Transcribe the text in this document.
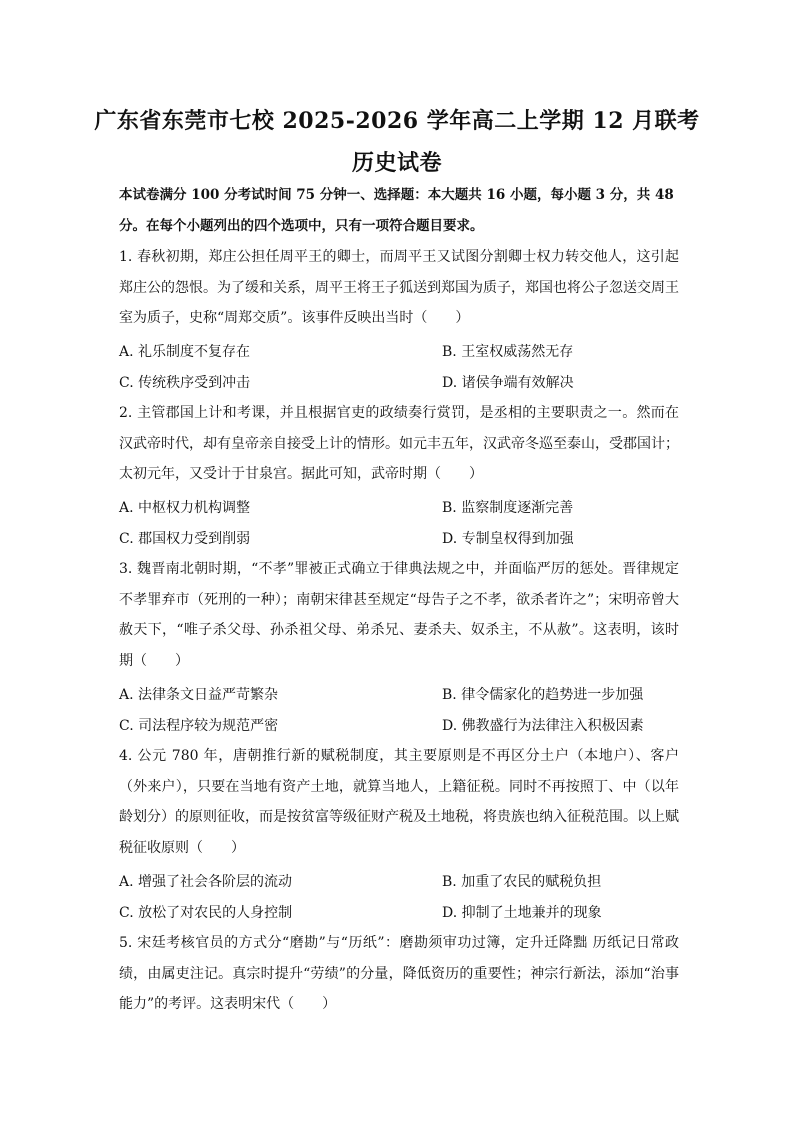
广东省东莞市七校 2025-2026 学年高二上学期 12 月联考
历史试卷
本试卷满分 100 分考试时间 75 分钟一、选择题：本大题共 16 小题，每小题 3 分，共 48 分。在每个小题列出的四个选项中，只有一项符合题目要求。
1. 春秋初期，郑庄公担任周平王的卿士，而周平王又试图分割卿士权力转交他人，这引起郑庄公的怨恨。为了缓和关系，周平王将王子狐送到郑国为质子，郑国也将公子忽送交周王室为质子，史称“周郑交质”。该事件反映出当时（　　）
A. 礼乐制度不复存在	B. 王室权威荡然无存
C. 传统秩序受到冲击	D. 诸侯争端有效解决
2. 主管郡国上计和考课，并且根据官吏的政绩奏行赏罚，是丞相的主要职责之一。然而在汉武帝时代，却有皇帝亲自接受上计的情形。如元丰五年，汉武帝冬巡至泰山，受郡国计；太初元年，又受计于甘泉宫。据此可知，武帝时期（　　）
A. 中枢权力机构调整	B. 监察制度逐渐完善
C. 郡国权力受到削弱	D. 专制皇权得到加强
3. 魏晋南北朝时期，“不孝”罪被正式确立于律典法规之中，并面临严厉的惩处。晋律规定不孝罪弃市（死刑的一种）；南朝宋律甚至规定“母告子之不孝，欲杀者许之”；宋明帝曾大赦天下，“唯子杀父母、孙杀祖父母、弟杀兄、妻杀夫、奴杀主，不从赦”。这表明，该时期（　　）
A. 法律条文日益严苛繁杂	B. 律令儒家化的趋势进一步加强
C. 司法程序较为规范严密	D. 佛教盛行为法律注入积极因素
4. 公元 780 年，唐朝推行新的赋税制度，其主要原则是不再区分土户（本地户）、客户（外来户），只要在当地有资产土地，就算当地人，上籍征税。同时不再按照丁、中（以年龄划分）的原则征收，而是按贫富等级征财产税及土地税，将贵族也纳入征税范围。以上赋税征收原则（　　）
A. 增强了社会各阶层的流动	B. 加重了农民的赋税负担
C. 放松了对农民的人身控制	D. 抑制了土地兼并的现象
5. 宋廷考核官员的方式分“磨勘”与“历纸”：磨勘须审功过簿，定升迁降黜 历纸记日常政绩，由属吏注记。真宗时提升“劳绩”的分量，降低资历的重要性；神宗行新法，添加“治事能力”的考评。这表明宋代（　　）
